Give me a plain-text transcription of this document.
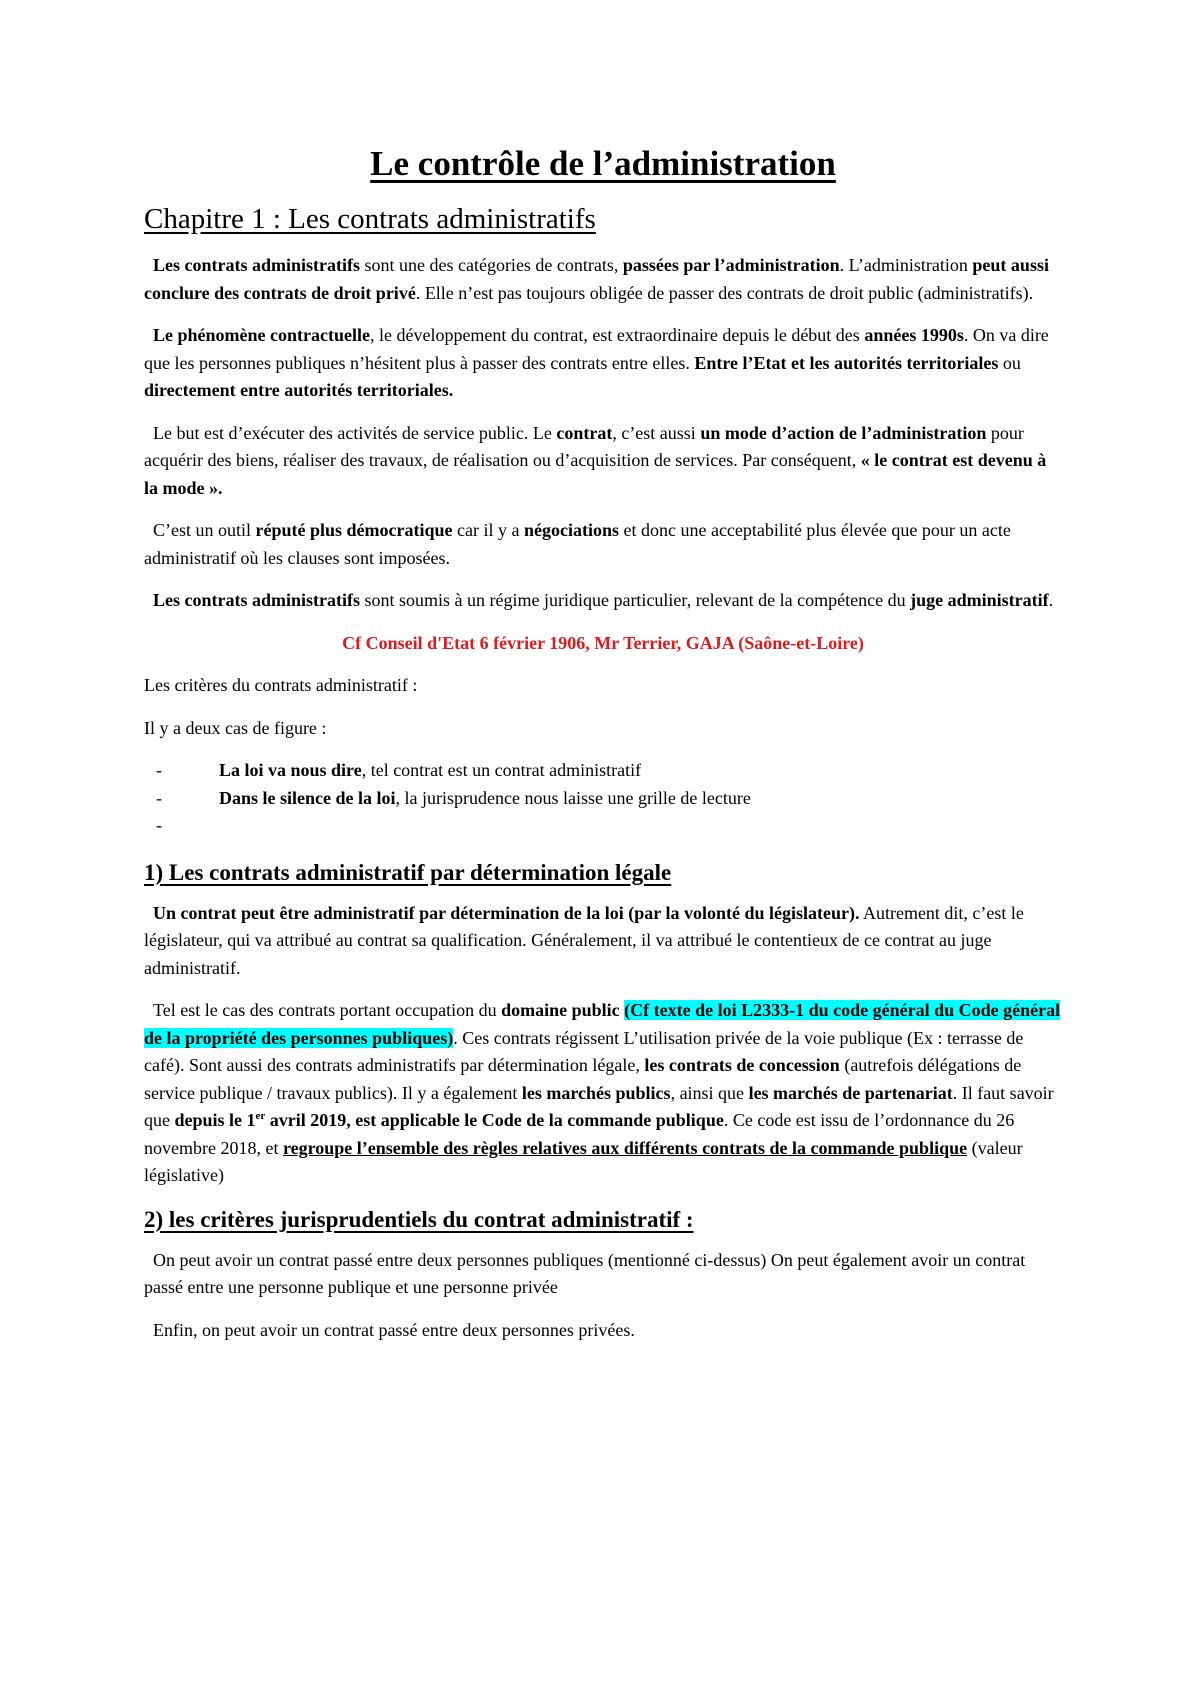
Le contrôle de l’administration
Chapitre 1 : Les contrats administratifs

Les contrats administratifs sont une des catégories de contrats, passées par l’administration. L’administration peut aussi conclure des contrats de droit privé. Elle n’est pas toujours obligée de passer des contrats de droit public (administratifs).

Le phénomène contractuelle, le développement du contrat, est extraordinaire depuis le début des années 1990s. On va dire que les personnes publiques n’hésitent plus à passer des contrats entre elles. Entre l’Etat et les autorités territoriales ou directement entre autorités territoriales.

Le but est d’exécuter des activités de service public. Le contrat, c’est aussi un mode d’action de l’administration pour acquérir des biens, réaliser des travaux, de réalisation ou d’acquisition de services. Par conséquent, « le contrat est devenu à la mode ».

C’est un outil réputé plus démocratique car il y a négociations et donc une acceptabilité plus élevée que pour un acte administratif où les clauses sont imposées.

Les contrats administratifs sont soumis à un régime juridique particulier, relevant de la compétence du juge administratif.

Cf Conseil d'Etat 6 février 1906, Mr Terrier, GAJA (Saône-et-Loire)

Les critères du contrats administratif :

Il y a deux cas de figure :

- La loi va nous dire, tel contrat est un contrat administratif
- Dans le silence de la loi, la jurisprudence nous laisse une grille de lecture
-
1) Les contrats administratif par détermination légale

Un contrat peut être administratif par détermination de la loi (par la volonté du législateur). Autrement dit, c’est le législateur, qui va attribué au contrat sa qualification. Généralement, il va attribué le contentieux de ce contrat au juge administratif.

Tel est le cas des contrats portant occupation du domaine public (Cf texte de loi L2333-1 du code général du Code général de la propriété des personnes publiques). Ces contrats régissent L’utilisation privée de la voie publique (Ex : terrasse de café). Sont aussi des contrats administratifs par détermination légale, les contrats de concession (autrefois délégations de service publique / travaux publics). Il y a également les marchés publics, ainsi que les marchés de partenariat. Il faut savoir que depuis le 1er avril 2019, est applicable le Code de la commande publique. Ce code est issu de l’ordonnance du 26 novembre 2018, et regroupe l’ensemble des règles relatives aux différents contrats de la commande publique (valeur législative)

2) les critères jurisprudentiels du contrat administratif :

On peut avoir un contrat passé entre deux personnes publiques (mentionné ci-dessus) On peut également avoir un contrat passé entre une personne publique et une personne privée

Enfin, on peut avoir un contrat passé entre deux personnes privées.
